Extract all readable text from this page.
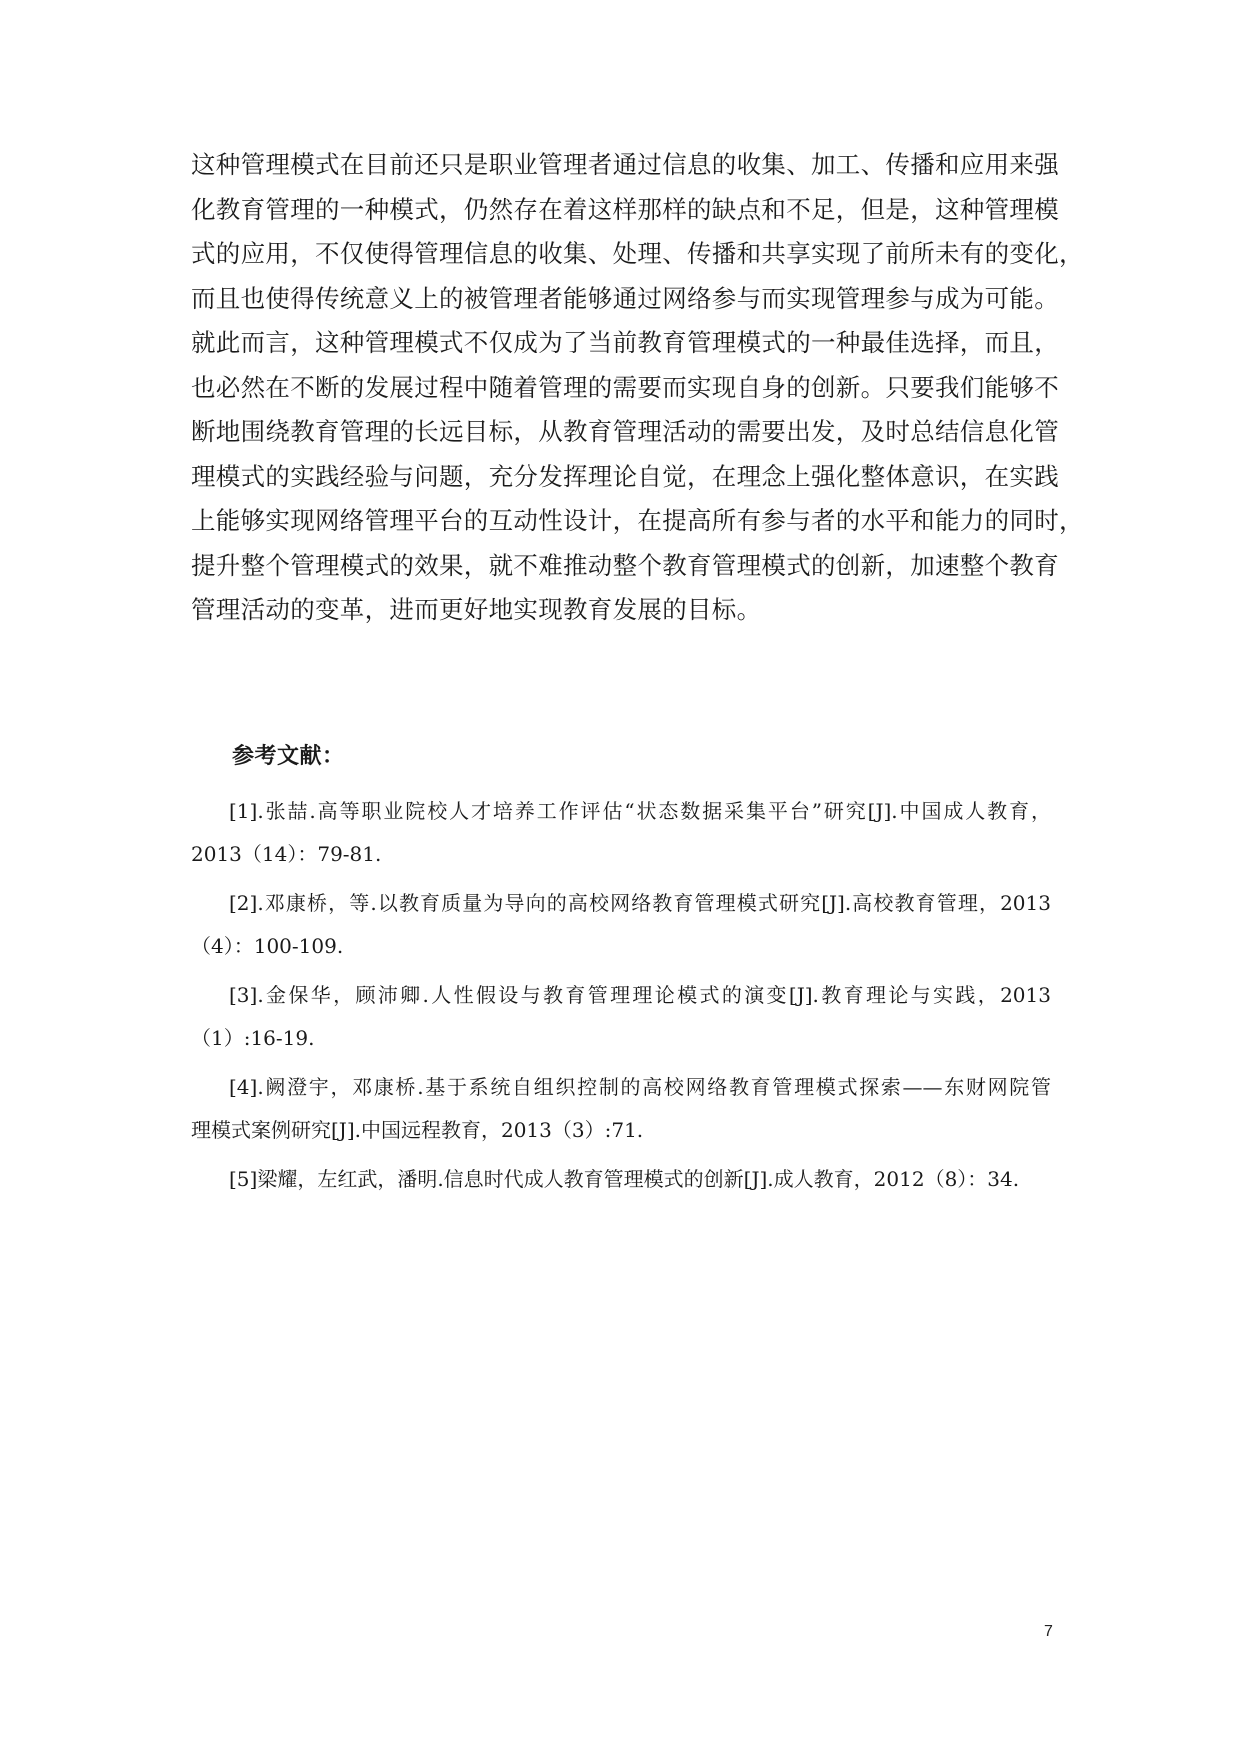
这种管理模式在目前还只是职业管理者通过信息的收集、加工、传播和应用来强
化教育管理的一种模式，仍然存在着这样那样的缺点和不足，但是，这种管理模
式的应用，不仅使得管理信息的收集、处理、传播和共享实现了前所未有的变化，
而且也使得传统意义上的被管理者能够通过网络参与而实现管理参与成为可能。
就此而言，这种管理模式不仅成为了当前教育管理模式的一种最佳选择，而且，
也必然在不断的发展过程中随着管理的需要而实现自身的创新。只要我们能够不
断地围绕教育管理的长远目标，从教育管理活动的需要出发，及时总结信息化管
理模式的实践经验与问题，充分发挥理论自觉，在理念上强化整体意识，在实践
上能够实现网络管理平台的互动性设计，在提高所有参与者的水平和能力的同时，
提升整个管理模式的效果，就不难推动整个教育管理模式的创新，加速整个教育
管理活动的变革，进而更好地实现教育发展的目标。
参考文献：
[1].张喆.高等职业院校人才培养工作评估“状态数据采集平台”研究[J].中国成人教育，
2013（14）：79-81.
[2].邓康桥，等.以教育质量为导向的高校网络教育管理模式研究[J].高校教育管理，2013
（4）：100-109.
[3].金保华，顾沛卿.人性假设与教育管理理论模式的演变[J].教育理论与实践，2013
（1）:16-19.
[4].阙澄宇，邓康桥.基于系统自组织控制的高校网络教育管理模式探索——东财网院管
理模式案例研究[J].中国远程教育，2013（3）:71.
[5]梁耀，左红武，潘明.信息时代成人教育管理模式的创新[J].成人教育，2012（8）：34.
7
